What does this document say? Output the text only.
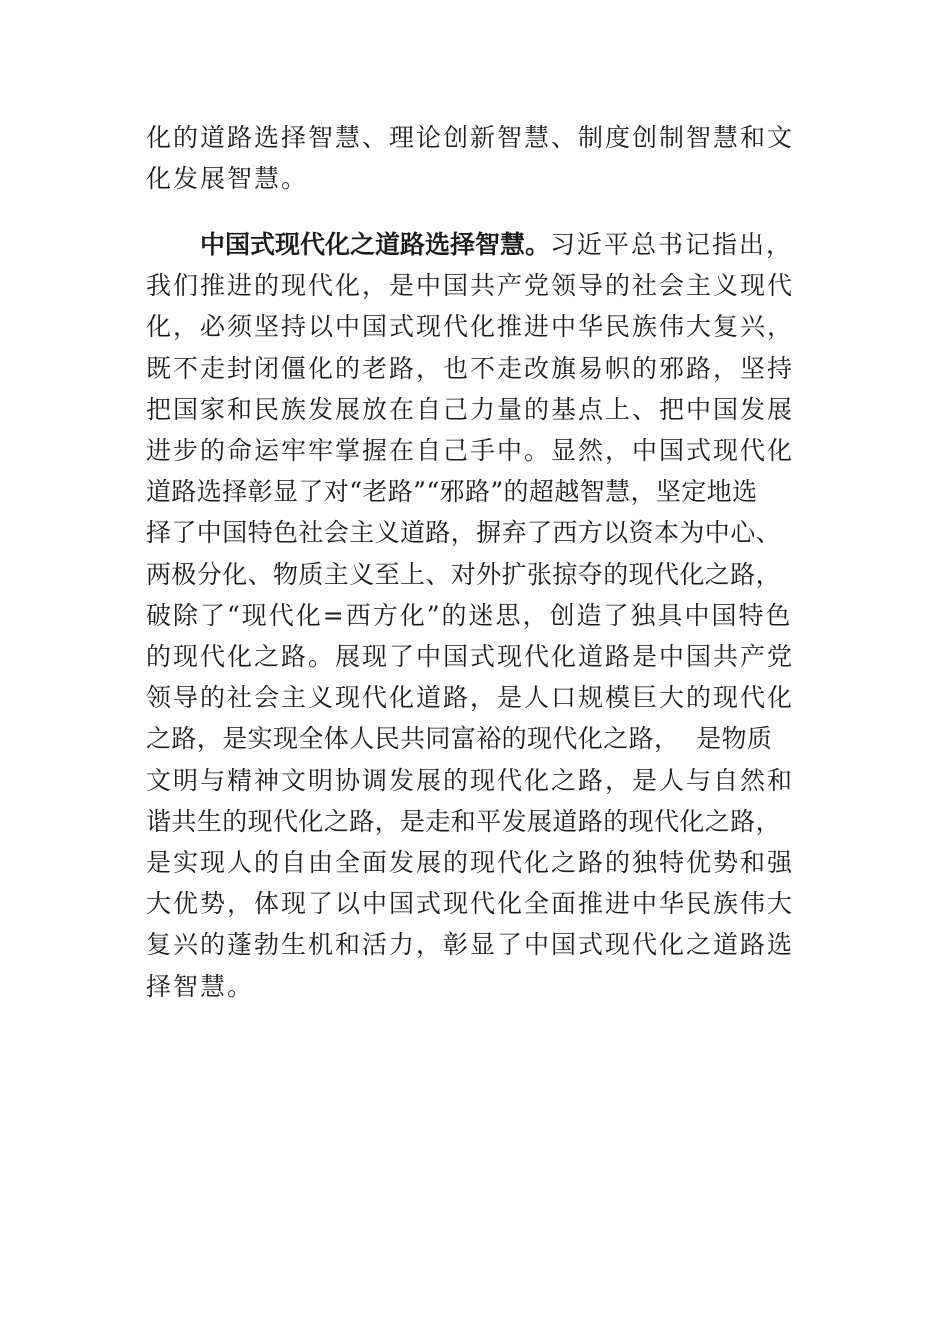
化的道路选择智慧、理论创新智慧、制度创制智慧和文
化发展智慧。
中国式现代化之道路选择智慧。习近平总书记指出，
我们推进的现代化，是中国共产党领导的社会主义现代
化，必须坚持以中国式现代化推进中华民族伟大复兴，
既不走封闭僵化的老路，也不走改旗易帜的邪路，坚持
把国家和民族发展放在自己力量的基点上、把中国发展
进步的命运牢牢掌握在自己手中。显然，中国式现代化
道路选择彰显了对“老路”“邪路”的超越智慧，坚定地选
择了中国特色社会主义道路，摒弃了西方以资本为中心、
两极分化、物质主义至上、对外扩张掠夺的现代化之路，
破除了“现代化=西方化”的迷思，创造了独具中国特色
的现代化之路。展现了中国式现代化道路是中国共产党
领导的社会主义现代化道路，是人口规模巨大的现代化
之路，是实现全体人民共同富裕的现代化之路，  是物质
文明与精神文明协调发展的现代化之路，是人与自然和
谐共生的现代化之路，是走和平发展道路的现代化之路，
是实现人的自由全面发展的现代化之路的独特优势和强
大优势，体现了以中国式现代化全面推进中华民族伟大
复兴的蓬勃生机和活力，彰显了中国式现代化之道路选
择智慧。
